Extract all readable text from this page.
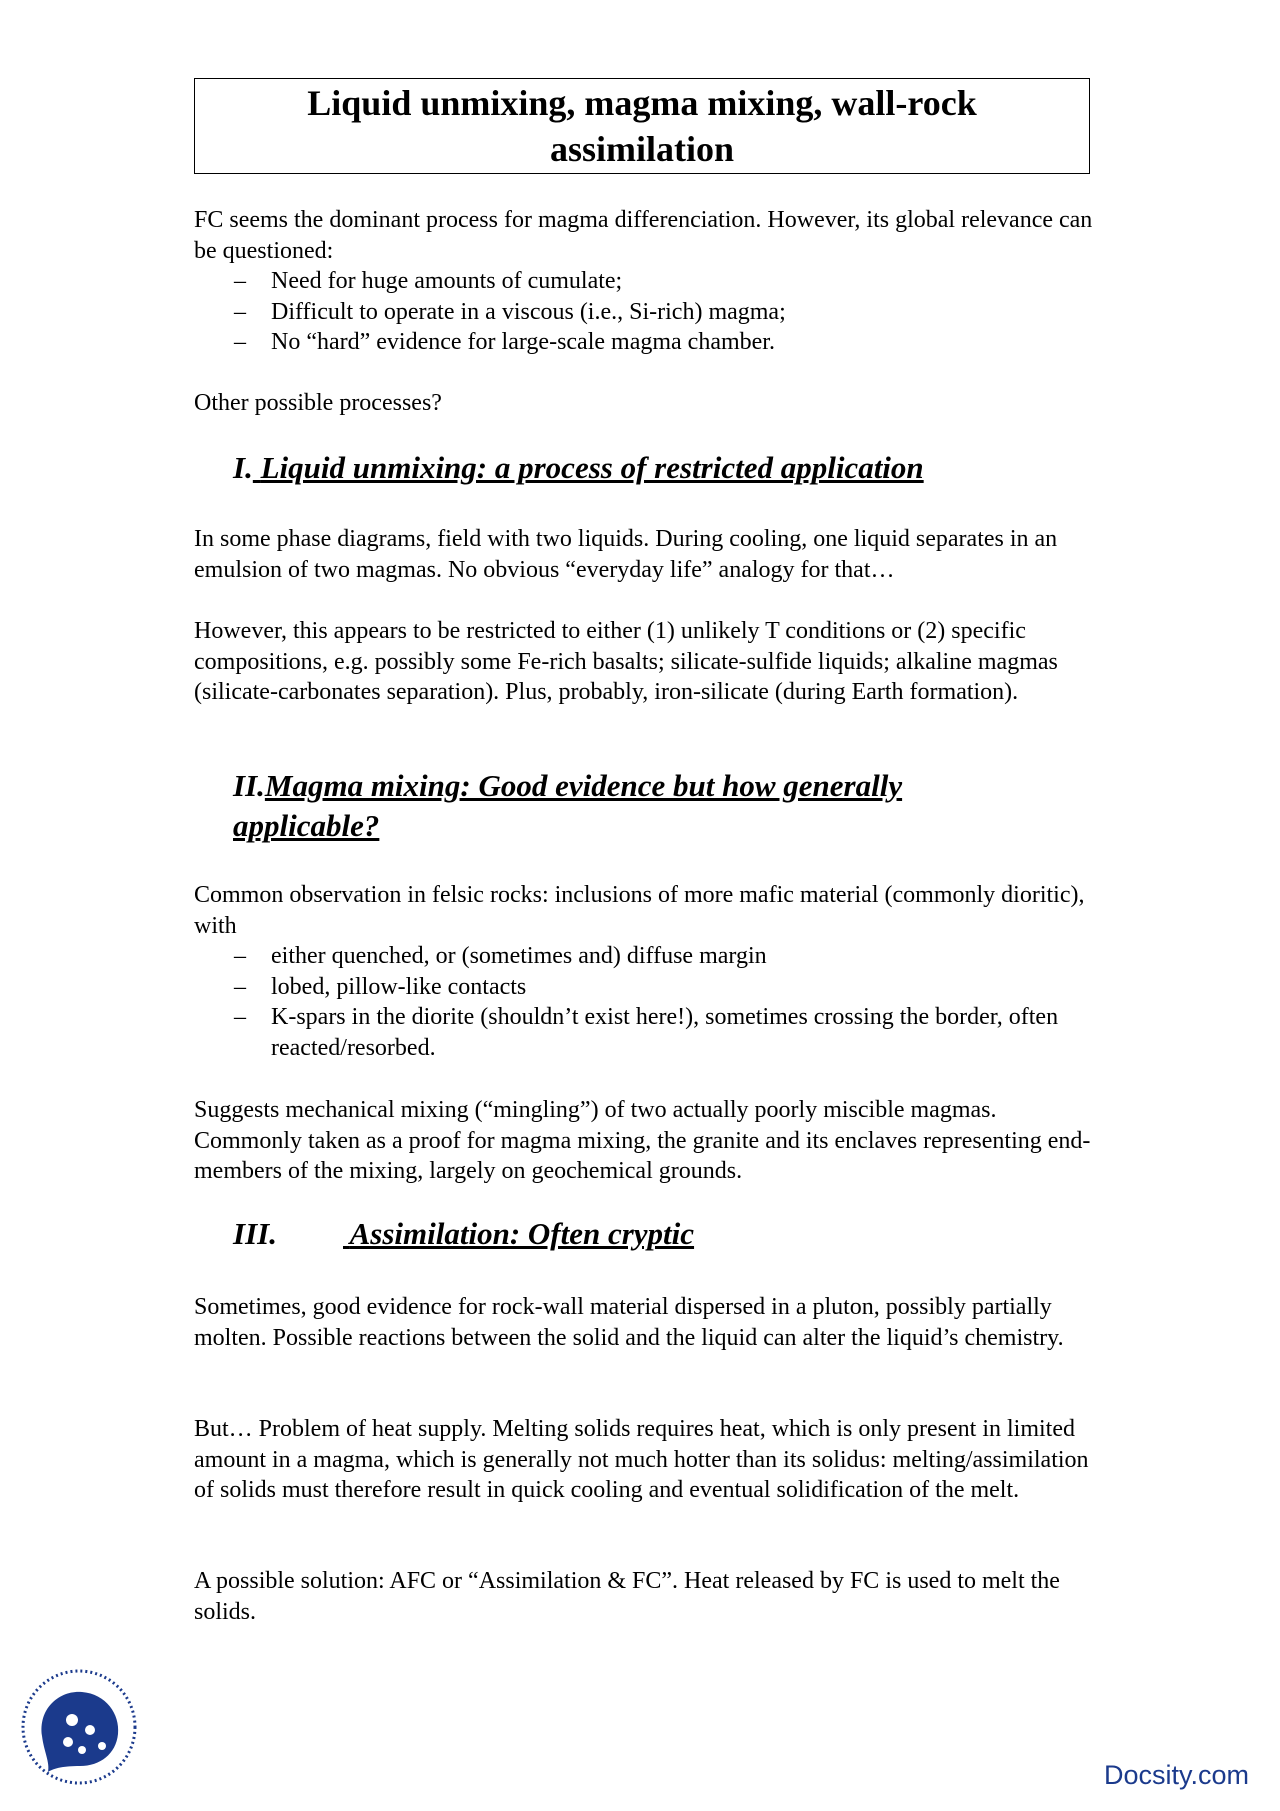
Liquid unmixing, magma mixing, wall-rock assimilation
FC seems the dominant process for magma differenciation. However, its global relevance can be questioned:
– Need for huge amounts of cumulate;
– Difficult to operate in a viscous (i.e., Si-rich) magma;
– No “hard” evidence for large-scale magma chamber.
Other possible processes?
I. Liquid unmixing: a process of restricted application
In some phase diagrams, field with two liquids. During cooling, one liquid separates in an emulsion of two magmas. No obvious “everyday life” analogy for that…
However, this appears to be restricted to either (1) unlikely T conditions or (2) specific compositions, e.g. possibly some Fe-rich basalts; silicate-sulfide liquids; alkaline magmas (silicate-carbonates separation). Plus, probably, iron-silicate (during Earth formation).
II.Magma mixing: Good evidence but how generally
applicable?
Common observation in felsic rocks: inclusions of more mafic material (commonly dioritic), with
– either quenched, or (sometimes and) diffuse margin
– lobed, pillow-like contacts
– K-spars in the diorite (shouldn’t exist here!), sometimes crossing the border, often reacted/resorbed.
Suggests mechanical mixing (“mingling”) of two actually poorly miscible magmas. Commonly taken as a proof for magma mixing, the granite and its enclaves representing end-members of the mixing, largely on geochemical grounds.
III. Assimilation: Often cryptic
Sometimes, good evidence for rock-wall material dispersed in a pluton, possibly partially molten. Possible reactions between the solid and the liquid can alter the liquid’s chemistry.
But… Problem of heat supply. Melting solids requires heat, which is only present in limited amount in a magma, which is generally not much hotter than its solidus: melting/assimilation of solids must therefore result in quick cooling and eventual solidification of the melt.
A possible solution: AFC or “Assimilation & FC”. Heat released by FC is used to melt the solids.
Docsity.com
